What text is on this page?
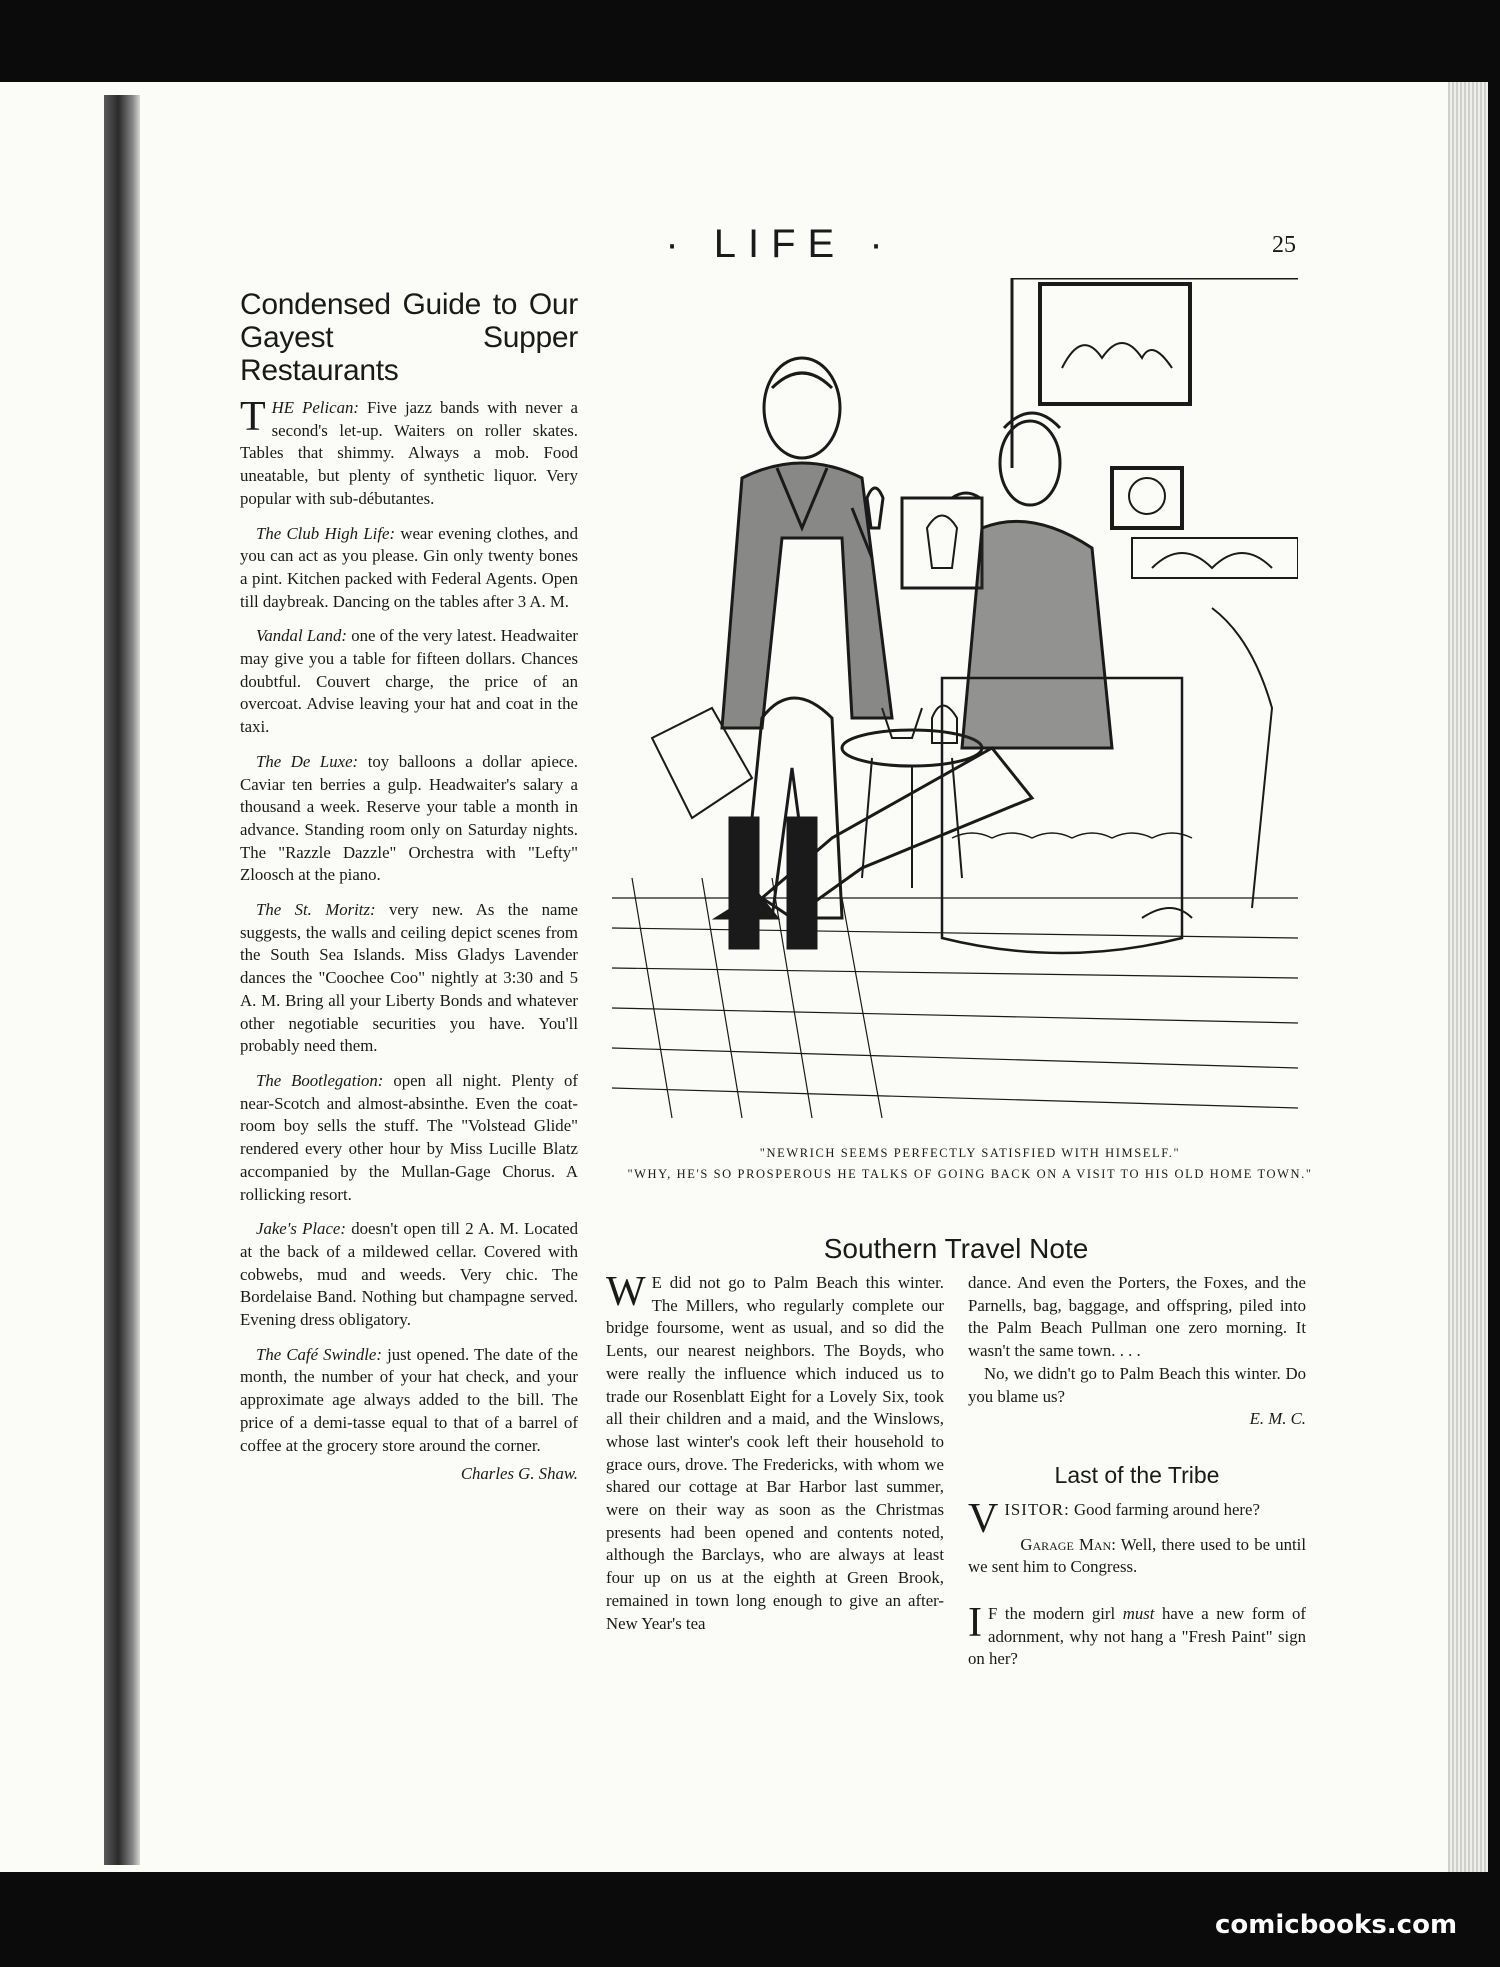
· LIFE ·	25
Condensed Guide to Our Gayest Supper Restaurants

THE Pelican: Five jazz bands with never a second's let-up. Waiters on roller skates. Tables that shimmy. Always a mob. Food uneatable, but plenty of synthetic liquor. Very popular with sub-débutantes.

The Club High Life: wear evening clothes, and you can act as you please. Gin only twenty bones a pint. Kitchen packed with Federal Agents. Open till daybreak. Dancing on the tables after 3 A. M.

Vandal Land: one of the very latest. Headwaiter may give you a table for fifteen dollars. Chances doubtful. Couvert charge, the price of an overcoat. Advise leaving your hat and coat in the taxi.

The De Luxe: toy balloons a dollar apiece. Caviar ten berries a gulp. Headwaiter's salary a thousand a week. Reserve your table a month in advance. Standing room only on Saturday nights. The "Razzle Dazzle" Orchestra with "Lefty" Zloosch at the piano.

The St. Moritz: very new. As the name suggests, the walls and ceiling depict scenes from the South Sea Islands. Miss Gladys Lavender dances the "Coochee Coo" nightly at 3:30 and 5 A. M. Bring all your Liberty Bonds and whatever other negotiable securities you have. You'll probably need them.

The Bootlegation: open all night. Plenty of near-Scotch and almost-absinthe. Even the coat-room boy sells the stuff. The "Volstead Glide" rendered every other hour by Miss Lucille Blatz accompanied by the Mullan-Gage Chorus. A rollicking resort.

Jake's Place: doesn't open till 2 A. M. Located at the back of a mildewed cellar. Covered with cobwebs, mud and weeds. Very chic. The Bordelaise Band. Nothing but champagne served. Evening dress obligatory.

The Café Swindle: just opened. The date of the month, the number of your hat check, and your approximate age always added to the bill. The price of a demi-tasse equal to that of a barrel of coffee at the grocery store around the corner.

Charles G. Shaw.

"NEWRICH SEEMS PERFECTLY SATISFIED WITH HIMSELF."
"WHY, HE'S SO PROSPEROUS HE TALKS OF GOING BACK ON A VISIT TO HIS OLD HOME TOWN."
Southern Travel Note

W E did not go to Palm Beach this winter. The Millers, who regularly complete our bridge foursome, went as usual, and so did the Lents, our nearest neighbors. The Boyds, who were really the influence which induced us to trade our Rosenblatt Eight for a Lovely Six, took all their children and a maid, and the Winslows, whose last winter's cook left their household to grace ours, drove. The Fredericks, with whom we shared our cottage at Bar Harbor last summer, were on their way as soon as the Christmas presents had been opened and contents noted, although the Barclays, who are always at least four up on us at the eighth at Green Brook, remained in town long enough to give an after-New Year's tea

dance. And even the Porters, the Foxes, and the Parnells, bag, baggage, and offspring, piled into the Palm Beach Pullman one zero morning. It wasn't the same town. . . .

No, we didn't go to Palm Beach this winter. Do you blame us?

E. M. C.

Last of the Tribe

VISITOR: Good farming around here?

Garage Man: Well, there used to be until we sent him to Congress.

I F the modern girl must have a new form of adornment, why not hang a "Fresh Paint" sign on her?

comicbooks.com
